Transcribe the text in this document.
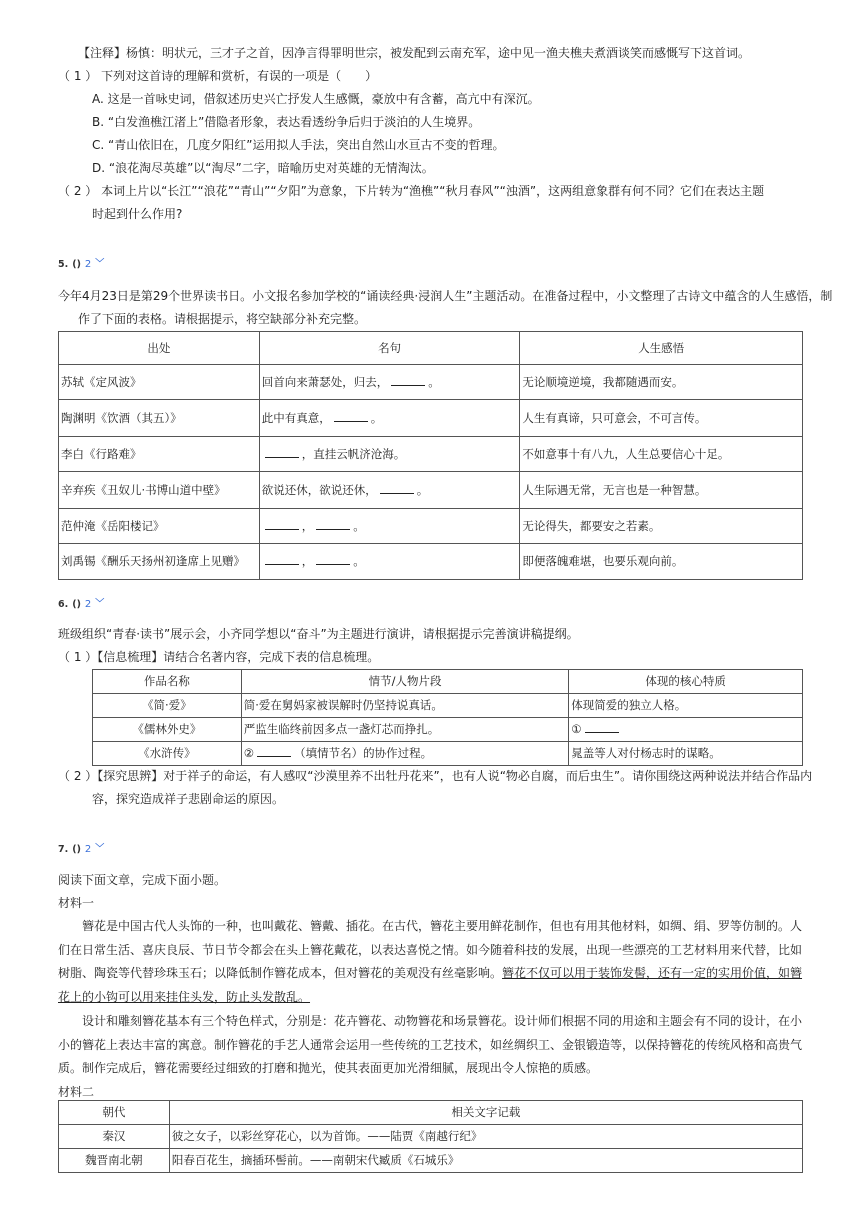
【注释】杨慎：明状元，三才子之首，因净言得罪明世宗，被发配到云南充军，途中见一渔夫樵夫煮酒谈笑而感慨写下这首词。
（ 1 ） 下列对这首诗的理解和赏析，有误的一项是（　　）
A. 这是一首咏史词，借叙述历史兴亡抒发人生感慨，豪放中有含蓄，高亢中有深沉。
B. “白发渔樵江渚上”借隐者形象，表达看透纷争后归于淡泊的人生境界。
C. “青山依旧在，几度夕阳红”运用拟人手法，突出自然山水亘古不变的哲理。
D. “浪花淘尽英雄”以“淘尽”二字，暗喻历史对英雄的无情淘汰。
（ 2 ） 本词上片以“长江”“浪花”“青山”“夕阳”为意象，下片转为“渔樵”“秋月春风”“浊酒”，这两组意象群有何不同？它们在表达主题
时起到什么作用?
5. () 2 ﹀
今年4月23日是第29个世界读书日。小文报名参加学校的“诵读经典·浸润人生”主题活动。在准备过程中，小文整理了古诗文中蕴含的人生感悟，制
作了下面的表格。请根据提示，将空缺部分补充完整。
出处	名句	人生感悟
苏轼《定风波》	回首向来萧瑟处，归去， 。	无论顺境逆境，我都随遇而安。
陶渊明《饮酒（其五）》	此中有真意， 。	人生有真谛，只可意会，不可言传。
李白《行路难》	，直挂云帆济沧海。	不如意事十有八九，人生总要信心十足。
辛弃疾《丑奴儿·书博山道中壁》	欲说还休，欲说还休， 。	人生际遇无常，无言也是一种智慧。
范仲淹《岳阳楼记》	， 。	无论得失，都要安之若素。
刘禹锡《酬乐天扬州初逢席上见赠》	， 。	即便落魄难堪，也要乐观向前。
6. () 2 ﹀
班级组织“青春·读书”展示会，小齐同学想以“奋斗”为主题进行演讲，请根据提示完善演讲稿提纲。
（ 1 ）【信息梳理】请结合名著内容，完成下表的信息梳理。
作品名称	情节/人物片段	体现的核心特质
《简·爱》	简·爱在舅妈家被误解时仍坚持说真话。	体现简爱的独立人格。
《儒林外史》	严监生临终前因多点一盏灯芯而挣扎。	①
《水浒传》	② （填情节名）的协作过程。	晁盖等人对付杨志时的谋略。
（ 2 ）【探究思辨】对于祥子的命运，有人感叹“沙漠里养不出牡丹花来”，也有人说“物必自腐，而后虫生”。请你围绕这两种说法并结合作品内
容，探究造成祥子悲剧命运的原因。
7. () 2 ﹀
阅读下面文章，完成下面小题。
材料一
簪花是中国古代人头饰的一种，也叫戴花、簪戴、插花。在古代，簪花主要用鲜花制作，但也有用其他材料，如绸、绢、罗等仿制的。人们在日常生活、喜庆良辰、节日节令都会在头上簪花戴花，以表达喜悦之情。如今随着科技的发展，出现一些漂亮的工艺材料用来代替，比如树脂、陶瓷等代替珍珠玉石；以降低制作簪花成本，但对簪花的美观没有丝毫影响。簪花不仅可以用于装饰发髻，还有一定的实用价值，如簪花上的小钩可以用来挂住头发，防止头发散乱。
设计和雕刻簪花基本有三个特色样式，分别是：花卉簪花、动物簪花和场景簪花。设计师们根据不同的用途和主题会有不同的设计，在小小的簪花上表达丰富的寓意。制作簪花的手艺人通常会运用一些传统的工艺技术，如丝绸织工、金银锻造等，以保持簪花的传统风格和高贵气质。制作完成后，簪花需要经过细致的打磨和抛光，使其表面更加光滑细腻，展现出令人惊艳的质感。
材料二
朝代	相关文字记载
秦汉	彼之女子，以彩丝穿花心，以为首饰。——陆贾《南越行纪》
魏晋南北朝	阳春百花生，摘插环髻前。——南朝宋代臧质《石城乐》
